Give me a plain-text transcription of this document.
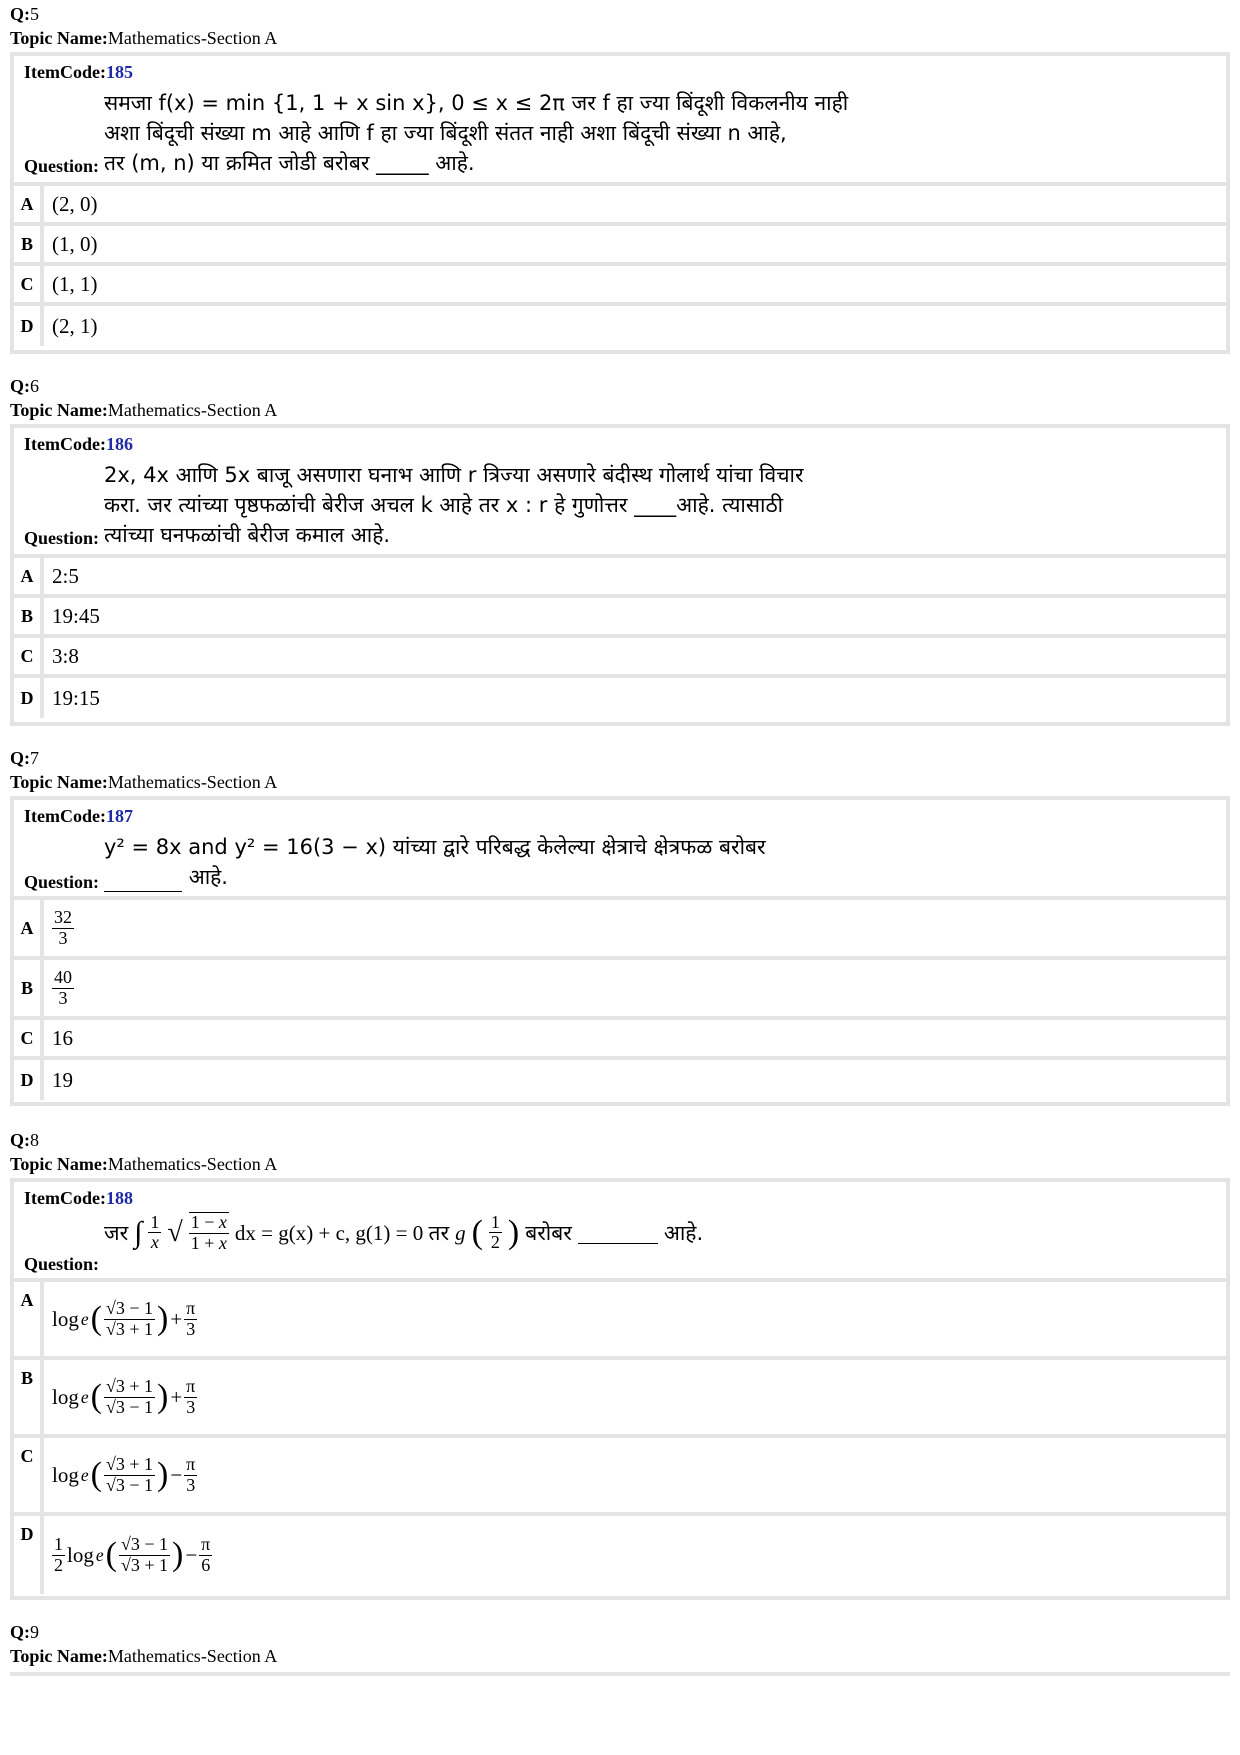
Q:5

Topic Name:Mathematics-Section A

ItemCode:185
समजा f(x) = min {1, 1 + x sin x}, 0 ≤ x ≤ 2π जर f हा ज्या बिंदूशी विकलनीय नाही
अशा बिंदूची संख्या m आहे आणि f हा ज्या बिंदूशी संतत नाही अशा बिंदूची संख्या n आहे,
तर (m, n) या क्रमित जोडी बरोबर _____ आहे.
Question:
A (2, 0)
B (1, 0)
C (1, 1)
D (2, 1)

Q:6

Topic Name:Mathematics-Section A

ItemCode:186
2x, 4x आणि 5x बाजू असणारा घनाभ आणि r त्रिज्या असणारे बंदीस्थ गोलार्थ यांचा विचार
करा. जर त्यांच्या पृष्ठफळांची बेरीज अचल k आहे तर x : r हे गुणोत्तर ____आहे. त्यासाठी
त्यांच्या घनफळांची बेरीज कमाल आहे.
Question:
A 2:5
B 19:45
C 3:8
D 19:15

Q:7

Topic Name:Mathematics-Section A

ItemCode:187
y² = 8x and y² = 16(3 − x) यांच्या द्वारे परिबद्ध केलेल्या क्षेत्राचे क्षेत्रफळ बरोबर
आहे.
Question:
A	$\frac{32}{3}$
B	$\frac{40}{3}$
C 16
D 19

Q:8

Topic Name:Mathematics-Section A

ItemCode:188
जर ∫ $\frac{1}{x}$ √ $\frac{1 - x}{1 + x}$ dx = g(x) + c, g(1) = 0 तर g ( $\frac{1}{2}$ ) बरोबर	आहे.
Question:
A
log e ( $\frac{√3 - 1}{√3 + 1}$ ) + $\frac{\pi}{3}$
B
log e ( $\frac{√3 + 1}{√3 - 1}$ ) + $\frac{\pi}{3}$
C
log e ( $\frac{√3 + 1}{√3 - 1}$ ) − $\frac{\pi}{3}$
D
$\frac{1}{2}$ log e ( $\frac{√3 - 1}{√3 + 1}$ ) − $\frac{\pi}{6}$

Q:9

Topic Name:Mathematics-Section A
